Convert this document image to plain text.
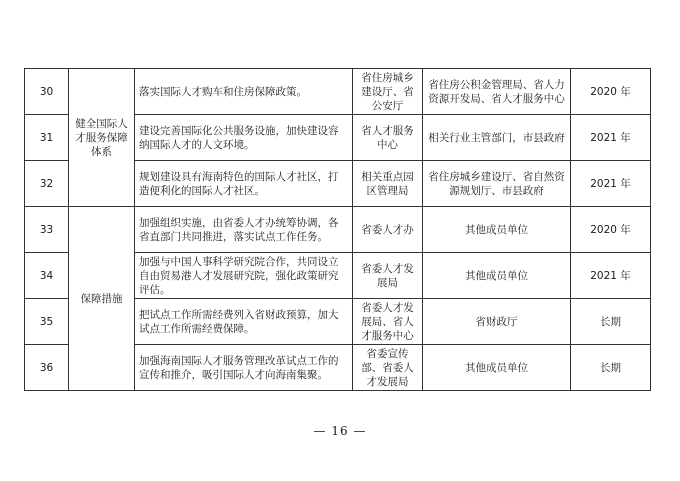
30	健全国际人才服务保障体系	落实国际人才购车和住房保障政策。	省住房城乡建设厅、省公安厅	省住房公积金管理局、省人力资源开发局、省人才服务中心	2020 年
31		建设完善国际化公共服务设施，加快建设容纳国际人才的人文环境。	省人才服务中心	相关行业主管部门，市县政府	2021 年
32		规划建设具有海南特色的国际人才社区，打造便利化的国际人才社区。	相关重点园区管理局	省住房城乡建设厅、省自然资源规划厅、市县政府	2021 年
33	保障措施	加强组织实施，由省委人才办统筹协调，各省直部门共同推进，落实试点工作任务。	省委人才办	其他成员单位	2020 年
34		加强与中国人事科学研究院合作，共同设立自由贸易港人才发展研究院，强化政策研究评估。	省委人才发展局	其他成员单位	2021 年
35		把试点工作所需经费列入省财政预算，加大试点工作所需经费保障。	省委人才发展局、省人才服务中心	省财政厅	长期
36		加强海南国际人才服务管理改革试点工作的宣传和推介，吸引国际人才向海南集聚。	省委宣传部、省委人才发展局	其他成员单位	长期
— 16 —
